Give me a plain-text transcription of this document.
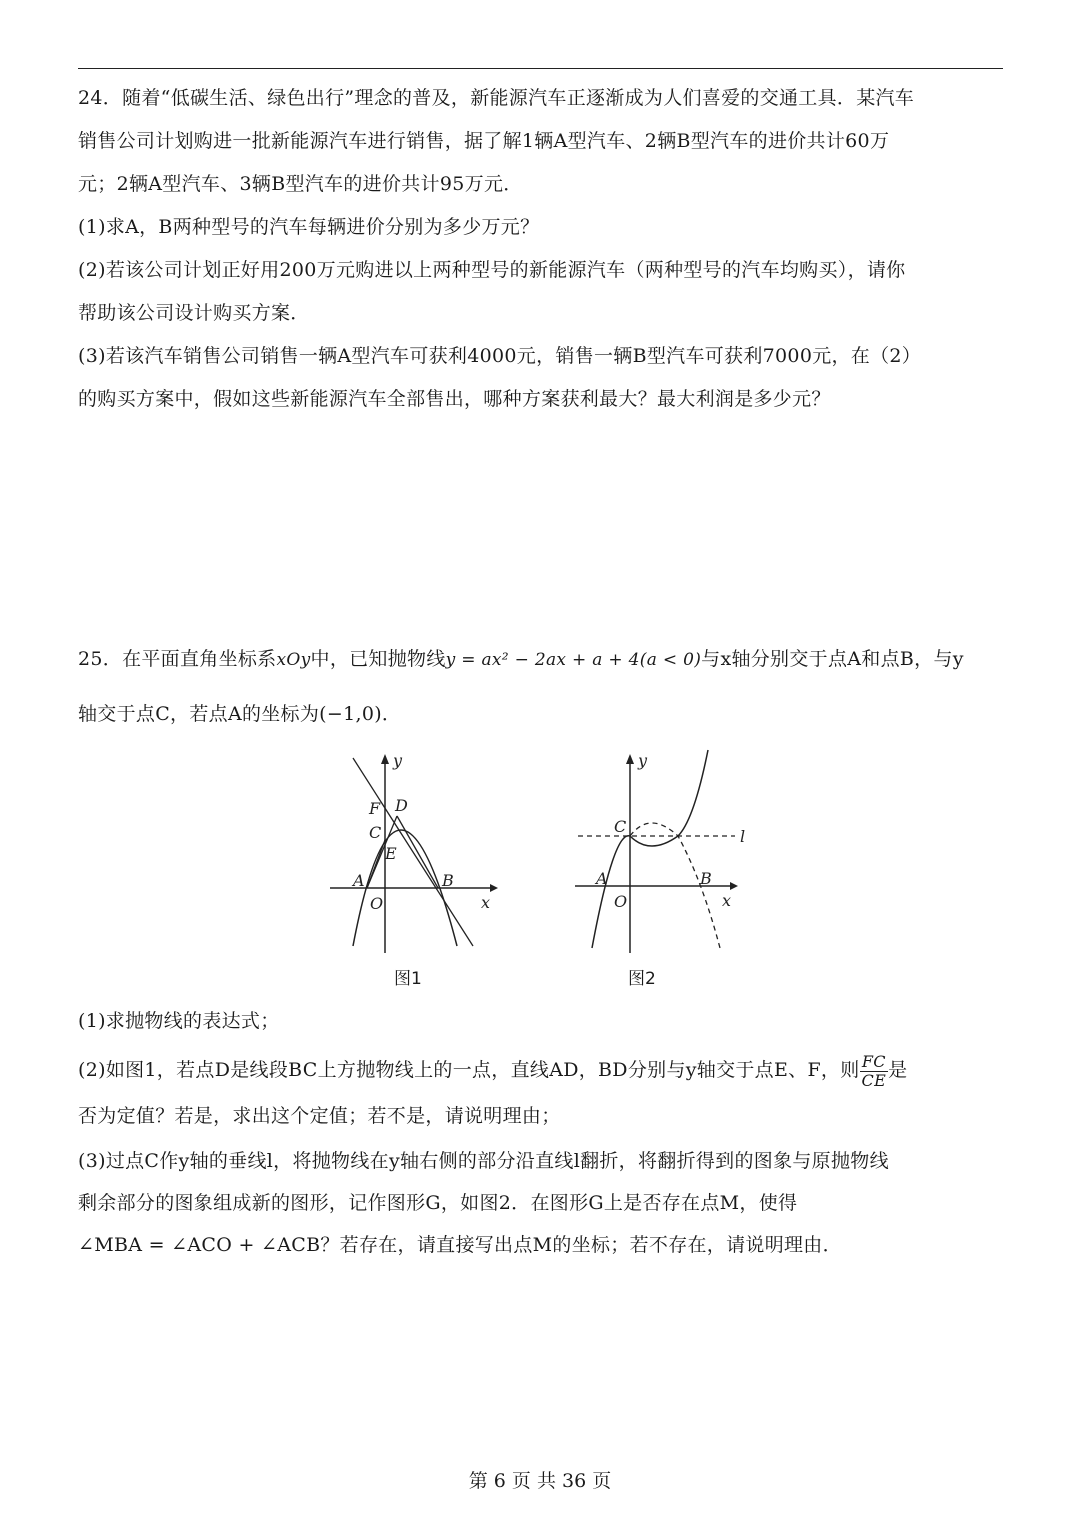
24．随着“低碳生活、绿色出行”理念的普及，新能源汽车正逐渐成为人们喜爱的交通工具．某汽车
销售公司计划购进一批新能源汽车进行销售，据了解1辆A型汽车、2辆B型汽车的进价共计60万
元；2辆A型汽车、3辆B型汽车的进价共计95万元．
(1)求A，B两种型号的汽车每辆进价分别为多少万元？
(2)若该公司计划正好用200万元购进以上两种型号的新能源汽车（两种型号的汽车均购买），请你
帮助该公司设计购买方案．
(3)若该汽车销售公司销售一辆A型汽车可获利4000元，销售一辆B型汽车可获利7000元，在（2）
的购买方案中，假如这些新能源汽车全部售出，哪种方案获利最大？最大利润是多少元？
25．在平面直角坐标系xOy中，已知抛物线y = ax² − 2ax + a + 4(a < 0)与x轴分别交于点A和点B，与y
轴交于点C，若点A的坐标为(−1,0)．
y
x
O
A	B
C
D
E
F
图1
y
x
O
A	B
C
l
图2
(1)求抛物线的表达式；
(2)如图1，若点D是线段BC上方抛物线上的一点，直线AD，BD分别与y轴交于点E、F，则 $\frac{FC}{CE}$ 是
否为定值？若是，求出这个定值；若不是，请说明理由；
(3)过点C作y轴的垂线l，将抛物线在y轴右侧的部分沿直线l翻折，将翻折得到的图象与原抛物线
剩余部分的图象组成新的图形，记作图形G，如图2．在图形G上是否存在点M，使得
∠MBA = ∠ACO + ∠ACB？若存在，请直接写出点M的坐标；若不存在，请说明理由．
第 6 页 共 36 页
